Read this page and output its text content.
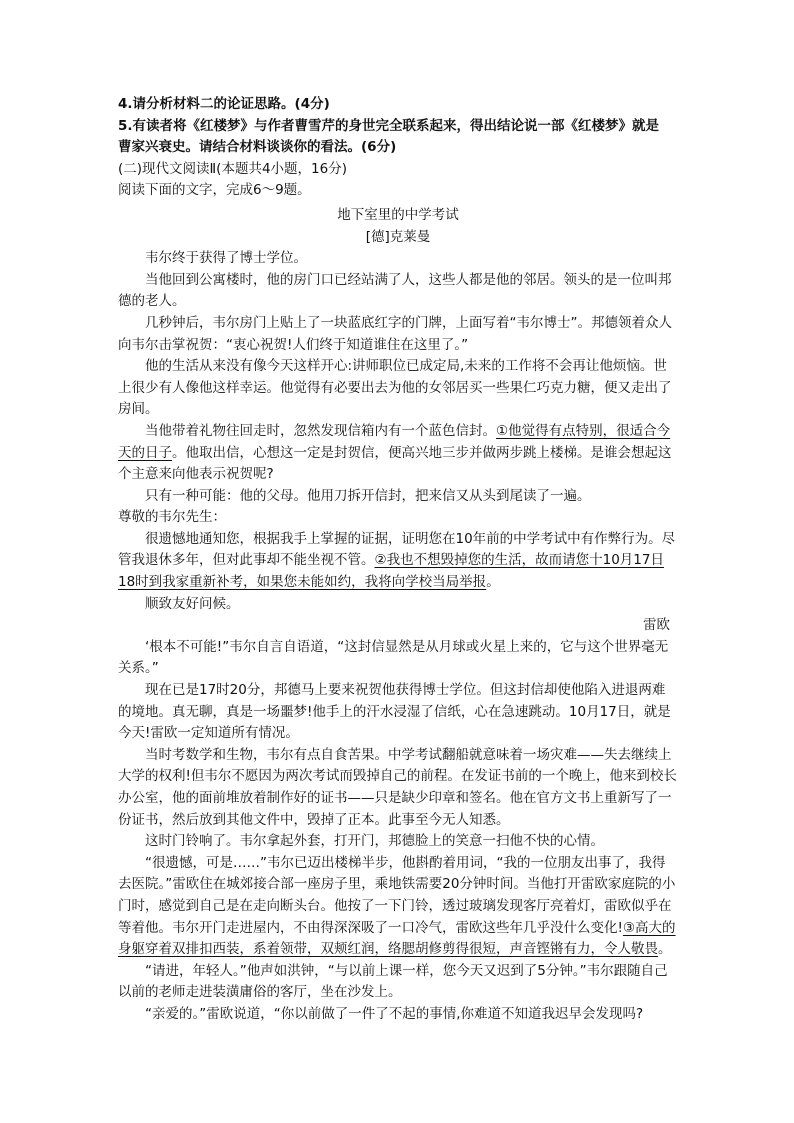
4.请分析材料二的论证思路。(4分)

5.有读者将《红楼梦》与作者曹雪芹的身世完全联系起来，得出结论说一部《红楼梦》就是

曹家兴衰史。请结合材料谈谈你的看法。(6分)

(二)现代文阅读Ⅱ(本题共4小题，16分)

阅读下面的文字，完成6～9题。

地下室里的中学考试

[德]克莱曼

韦尔终于获得了博士学位。

当他回到公寓楼时，他的房门口已经站满了人，这些人都是他的邻居。领头的是一位叫邦德的老人。

几秒钟后，韦尔房门上贴上了一块蓝底红字的门牌，上面写着“韦尔博士”。邦德领着众人向韦尔击掌祝贺：“衷心祝贺!人们终于知道谁住在这里了。”

他的生活从来没有像今天这样开心:讲师职位已成定局,未来的工作将不会再让他烦恼。世上很少有人像他这样幸运。他觉得有必要出去为他的女邻居买一些果仁巧克力糖，便又走出了房间。

当他带着礼物往回走时，忽然发现信箱内有一个蓝色信封。①他觉得有点特别，很适合今天的日子。他取出信，心想这一定是封贺信，便高兴地三步并做两步跳上楼梯。是谁会想起这个主意来向他表示祝贺呢?

只有一种可能：他的父母。他用刀拆开信封，把来信又从头到尾读了一遍。

尊敬的韦尔先生：

很遗憾地通知您，根据我手上掌握的证据，证明您在10年前的中学考试中有作弊行为。尽管我退休多年，但对此事却不能坐视不管。②我也不想毁掉您的生活，故而请您十10月17日18时到我家重新补考，如果您未能如约，我将向学校当局举报。

顺致友好问候。

雷欧

‘根本不可能!”韦尔自言自语道，“这封信显然是从月球或火星上来的，它与这个世界毫无关系。”

现在已是17时20分，邦德马上要来祝贺他获得博士学位。但这封信却使他陷入进退两难的境地。真无聊，真是一场噩梦!他手上的汗水浸湿了信纸，心在急速跳动。10月17日，就是今天!雷欧一定知道所有情况。

当时考数学和生物，韦尔有点自食苦果。中学考试翻船就意味着一场灾难——失去继续上大学的权利!但韦尔不愿因为两次考试而毁掉自己的前程。在发证书前的一个晚上，他来到校长办公室，他的面前堆放着制作好的证书——只是缺少印章和签名。他在官方文书上重新写了一份证书，然后放到其他文件中，毁掉了正本。此事至今无人知悉。

这时门铃响了。韦尔拿起外套，打开门，邦德脸上的笑意一扫他不快的心情。

“很遗憾，可是……”韦尔已迈出楼梯半步，他斟酌着用词，“我的一位朋友出事了，我得去医院。”雷欧住在城郊接合部一座房子里，乘地铁需要20分钟时间。当他打开雷欧家庭院的小门时，感觉到自己是在走向断头台。他按了一下门铃，透过玻璃发现客厅亮着灯，雷欧似乎在等着他。韦尔开门走进屋内，不由得深深吸了一口冷气，雷欧这些年几乎没什么变化!③高大的身躯穿着双排扣西装，系着领带，双颊红润，络腮胡修剪得很短，声音铿锵有力，令人敬畏。

“请进，年轻人。”他声如洪钟，“与以前上课一样，您今天又迟到了5分钟。”韦尔跟随自己以前的老师走进装潢庸俗的客厅，坐在沙发上。

“亲爱的。”雷欧说道，“你以前做了一件了不起的事情,你难道不知道我迟早会发现吗?
